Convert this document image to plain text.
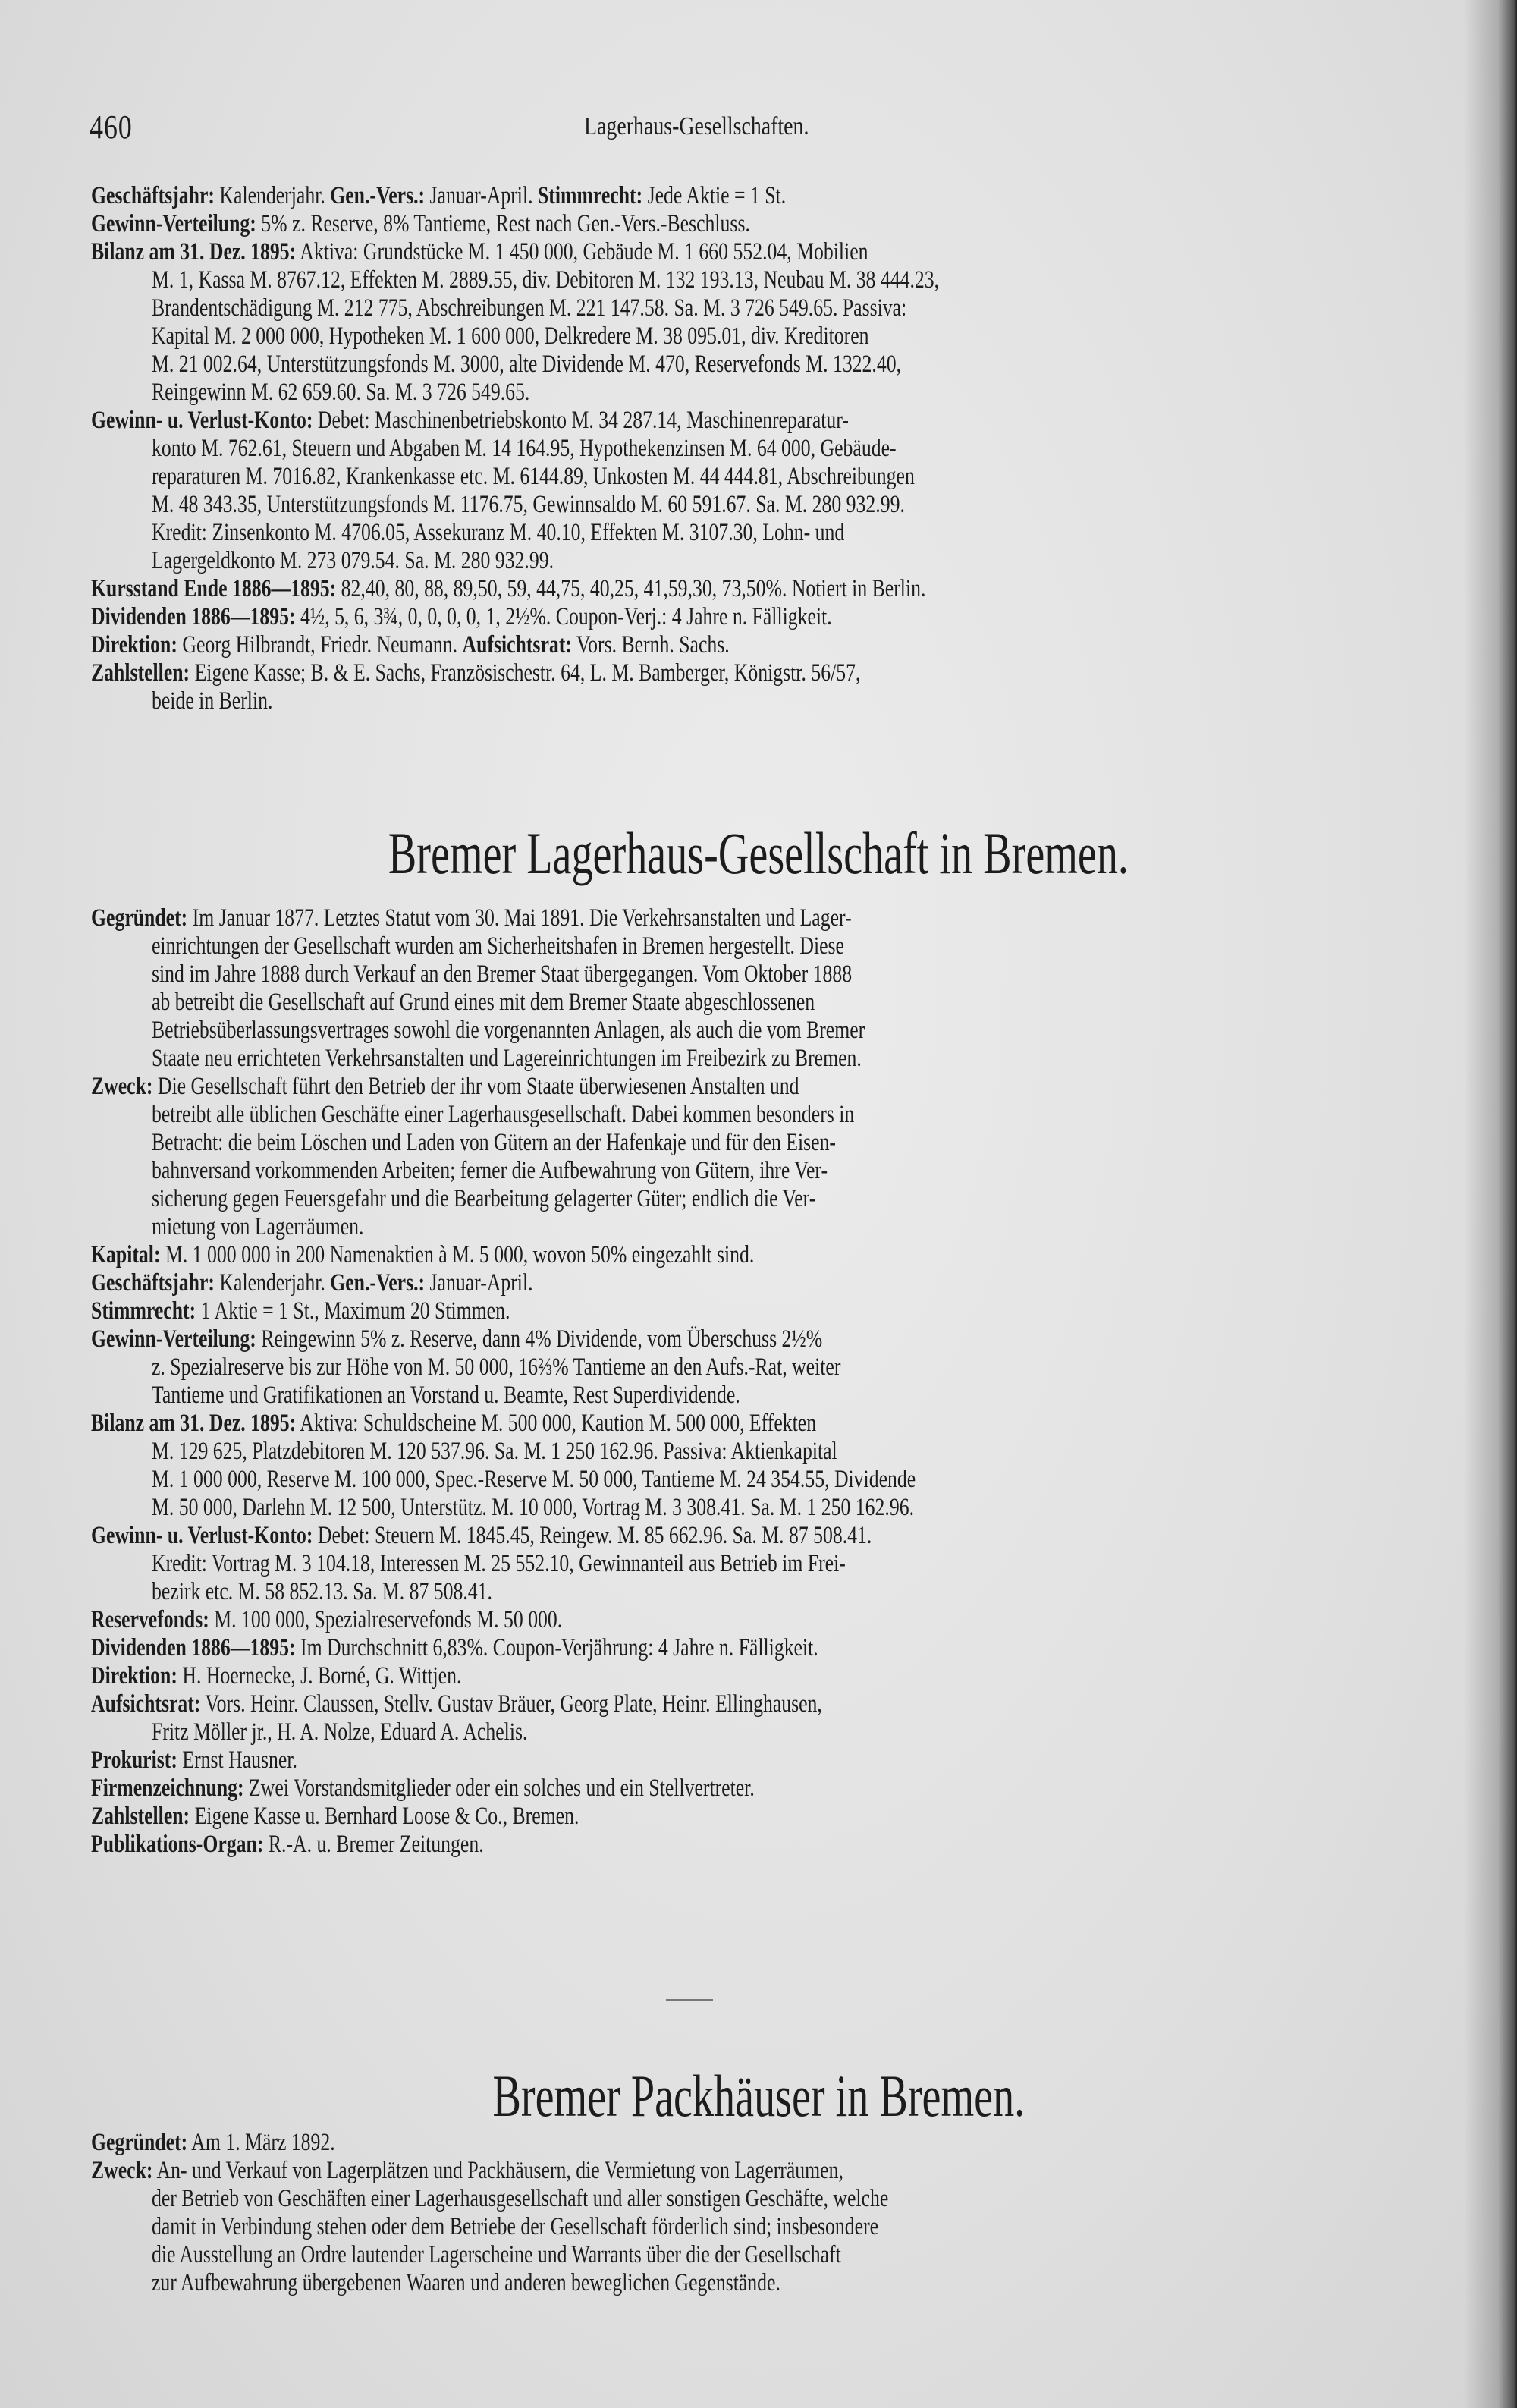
460	Lagerhaus-Gesellschaften.
Geschäftsjahr: Kalenderjahr. Gen.-Vers.: Januar-April. Stimmrecht: Jede Aktie = 1 St.
Gewinn-Verteilung: 5% z. Reserve, 8% Tantieme, Rest nach Gen.-Vers.-Beschluss.
Bilanz am 31. Dez. 1895: Aktiva: Grundstücke M. 1 450 000, Gebäude M. 1 660 552.04, Mobilien
M. 1, Kassa M. 8767.12, Effekten M. 2889.55, div. Debitoren M. 132 193.13, Neubau M. 38 444.23,
Brandentschädigung M. 212 775, Abschreibungen M. 221 147.58. Sa. M. 3 726 549.65. Passiva:
Kapital M. 2 000 000, Hypotheken M. 1 600 000, Delkredere M. 38 095.01, div. Kreditoren
M. 21 002.64, Unterstützungsfonds M. 3000, alte Dividende M. 470, Reservefonds M. 1322.40,
Reingewinn M. 62 659.60. Sa. M. 3 726 549.65.
Gewinn- u. Verlust-Konto: Debet: Maschinenbetriebskonto M. 34 287.14, Maschinenreparatur-
konto M. 762.61, Steuern und Abgaben M. 14 164.95, Hypothekenzinsen M. 64 000, Gebäude-
reparaturen M. 7016.82, Krankenkasse etc. M. 6144.89, Unkosten M. 44 444.81, Abschreibungen
M. 48 343.35, Unterstützungsfonds M. 1176.75, Gewinnsaldo M. 60 591.67. Sa. M. 280 932.99.
Kredit: Zinsenkonto M. 4706.05, Assekuranz M. 40.10, Effekten M. 3107.30, Lohn- und
Lagergeldkonto M. 273 079.54. Sa. M. 280 932.99.
Kursstand Ende 1886—1895: 82,40, 80, 88, 89,50, 59, 44,75, 40,25, 41,59,30, 73,50%. Notiert in Berlin.
Dividenden 1886—1895: 4½, 5, 6, 3¾, 0, 0, 0, 0, 1, 2½%. Coupon-Verj.: 4 Jahre n. Fälligkeit.
Direktion: Georg Hilbrandt, Friedr. Neumann. Aufsichtsrat: Vors. Bernh. Sachs.
Zahlstellen: Eigene Kasse; B. & E. Sachs, Französischestr. 64, L. M. Bamberger, Königstr. 56/57,
beide in Berlin.
Bremer Lagerhaus-Gesellschaft in Bremen.
Gegründet: Im Januar 1877. Letztes Statut vom 30. Mai 1891. Die Verkehrsanstalten und Lager-
einrichtungen der Gesellschaft wurden am Sicherheitshafen in Bremen hergestellt. Diese
sind im Jahre 1888 durch Verkauf an den Bremer Staat übergegangen. Vom Oktober 1888
ab betreibt die Gesellschaft auf Grund eines mit dem Bremer Staate abgeschlossenen
Betriebsüberlassungsvertrages sowohl die vorgenannten Anlagen, als auch die vom Bremer
Staate neu errichteten Verkehrsanstalten und Lagereinrichtungen im Freibezirk zu Bremen.
Zweck: Die Gesellschaft führt den Betrieb der ihr vom Staate überwiesenen Anstalten und
betreibt alle üblichen Geschäfte einer Lagerhausgesellschaft. Dabei kommen besonders in
Betracht: die beim Löschen und Laden von Gütern an der Hafenkaje und für den Eisen-
bahnversand vorkommenden Arbeiten; ferner die Aufbewahrung von Gütern, ihre Ver-
sicherung gegen Feuersgefahr und die Bearbeitung gelagerter Güter; endlich die Ver-
mietung von Lagerräumen.
Kapital: M. 1 000 000 in 200 Namenaktien à M. 5 000, wovon 50% eingezahlt sind.
Geschäftsjahr: Kalenderjahr. Gen.-Vers.: Januar-April.
Stimmrecht: 1 Aktie = 1 St., Maximum 20 Stimmen.
Gewinn-Verteilung: Reingewinn 5% z. Reserve, dann 4% Dividende, vom Überschuss 2½%
z. Spezialreserve bis zur Höhe von M. 50 000, 16⅔% Tantieme an den Aufs.-Rat, weiter
Tantieme und Gratifikationen an Vorstand u. Beamte, Rest Superdividende.
Bilanz am 31. Dez. 1895: Aktiva: Schuldscheine M. 500 000, Kaution M. 500 000, Effekten
M. 129 625, Platzdebitoren M. 120 537.96. Sa. M. 1 250 162.96. Passiva: Aktienkapital
M. 1 000 000, Reserve M. 100 000, Spec.-Reserve M. 50 000, Tantieme M. 24 354.55, Dividende
M. 50 000, Darlehn M. 12 500, Unterstütz. M. 10 000, Vortrag M. 3 308.41. Sa. M. 1 250 162.96.
Gewinn- u. Verlust-Konto: Debet: Steuern M. 1845.45, Reingew. M. 85 662.96. Sa. M. 87 508.41.
Kredit: Vortrag M. 3 104.18, Interessen M. 25 552.10, Gewinnanteil aus Betrieb im Frei-
bezirk etc. M. 58 852.13. Sa. M. 87 508.41.
Reservefonds: M. 100 000, Spezialreservefonds M. 50 000.
Dividenden 1886—1895: Im Durchschnitt 6,83%. Coupon-Verjährung: 4 Jahre n. Fälligkeit.
Direktion: H. Hoernecke, J. Borné, G. Wittjen.
Aufsichtsrat: Vors. Heinr. Claussen, Stellv. Gustav Bräuer, Georg Plate, Heinr. Ellinghausen,
Fritz Möller jr., H. A. Nolze, Eduard A. Achelis.
Prokurist: Ernst Hausner.
Firmenzeichnung: Zwei Vorstandsmitglieder oder ein solches und ein Stellvertreter.
Zahlstellen: Eigene Kasse u. Bernhard Loose & Co., Bremen.
Publikations-Organ: R.-A. u. Bremer Zeitungen.
Bremer Packhäuser in Bremen.
Gegründet: Am 1. März 1892.
Zweck: An- und Verkauf von Lagerplätzen und Packhäusern, die Vermietung von Lagerräumen,
der Betrieb von Geschäften einer Lagerhausgesellschaft und aller sonstigen Geschäfte, welche
damit in Verbindung stehen oder dem Betriebe der Gesellschaft förderlich sind; insbesondere
die Ausstellung an Ordre lautender Lagerscheine und Warrants über die der Gesellschaft
zur Aufbewahrung übergebenen Waaren und anderen beweglichen Gegenstände.
